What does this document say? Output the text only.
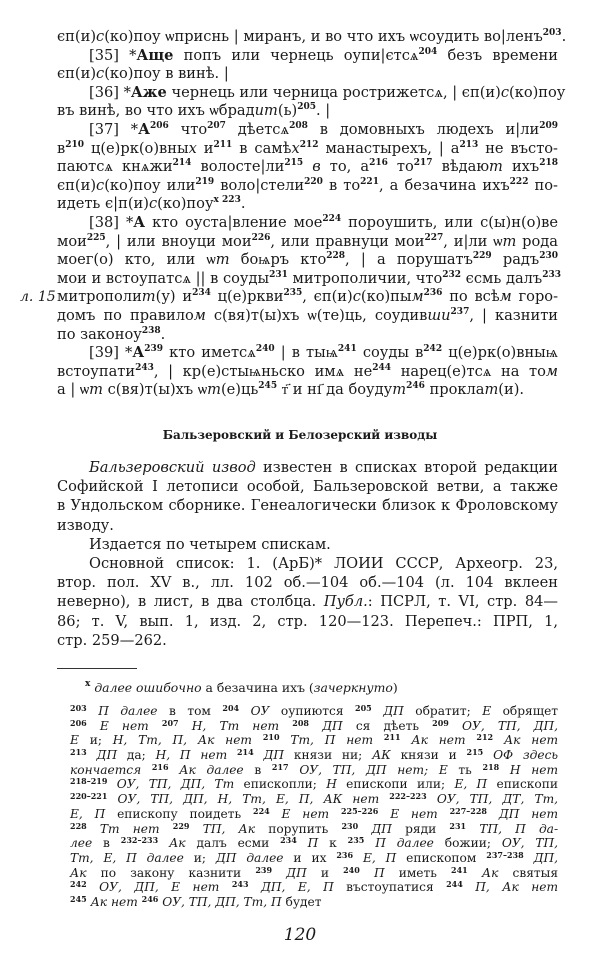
єп(и)с(ко)поу ѡприснь | миранъ, и во что ихъ ѡсоудить во|ленъ$^{203}$.
[35] *Аще попъ или чернець оупи|єтсѧ$^{204}$ безъ времени
єп(и)с(ко)поу в винѣ. |
[36] *Аже чернець или черница рострижетсѧ, | єп(и)с(ко)поу
въ винѣ, во что ихъ $ѡбрадит(ь)^{205}$. |
[37] $*А^{206}$ что$^{207}$ дѣетсѧ$^{208}$ в домовныхъ людехъ $и|ли^{209}$
$в^{210}$ ц(е)рк(о)вных $и^{211}$ в самѣх$^{212}$ манастырехъ, | $а^{213}$ не въсто-
паютсѧ кнѧжи$^{214}$ $волосте|ли^{215}$ в то, $а^{216}$ $то^{217}$ вѣдают ихъ$^{218}$
єп(и)с(ко)поу или$^{219}$ воло|стели$^{220}$ в $то^{221}$, а безачина ихъ$^{222}$ по-
идеть є|п(и)с(ко)поу$^{х 223}$.
[38] *А кто оуста|вление мое$^{224}$ пороушить, или с(ы)н(о)ве
мои$^{225}$, | или вноуци мои$^{226}$, или правнуци мои$^{227}$, и|ли ѡт рода
моег(о) кто, или ѡт боѩръ кто$^{228}$, | а порушатъ$^{229}$ радъ$^{230}$
мои и встоупатсѧ || в соуды$^{231}$ митрополичии, что$^{232}$ єсмь далъ$^{233}$
митрополит(у) $и^{234}$ ц(е)ркви$^{235}$, єп(и)с(ко)пым$^{236}$ по всѣм горо-
домъ по правилом с(вя)т(ы)хъ ѡ(те)ць, соудивши$^{237}$, | казнити
по законоу$^{238}$.
[39] $*А^{239}$ кто иметсѧ$^{240}$ | в тыѩ$^{241}$ соуды $в^{242}$ ц(е)рк(о)вныѩ
встоупати$^{243}$, | кр(е)стыѩньско имѧ $не^{244}$ нарец(е)тсѧ на том
а | ѡт с(вя)т(ы)хъ $ѡт(е)ць^{245}$ т҃ и нı҃ да боудут$^{246}$ проклат(и).
л. 15
Бальзеровский и Белозерский изводы
Бальзеровский извод известен в списках второй редакции
Софийской I летописи особой, Бальзеровской ветви, а также
в Ундольском сборнике. Генеалогически близок к Фроловскому
изводу.
Издается по четырем спискам.
Основной список: 1. (АрБ)* ЛОИИ СССР, Археогр. 23,
втор. пол. XV в., лл. 102 об.—104 об.—104 (л. 104 вклеен
неверно), в лист, в два столбца. Публ.: ПСРЛ, т. VI, стр. 84—
86; т. V, вып. 1, изд. 2, стр. 120—123. Перепеч.: ПРП, 1,
стр. 259—262.
$^х$ далее ошибочно а безачина ихъ (зачеркнуто)
$^{203}$ П далее в том $^{204}$ ОУ оупиются $^{205}$ ДП обратит; Е обрящет
$^{206}$ Е нет $^{207}$ Н, Тт нет $^{208}$ ДП ся дѣеть $^{209}$ ОУ, ТП, ДП,
Е и; Н, Тт, П, Ак нет $^{210}$ Тт, П нет $^{211}$ Ак нет $^{212}$ Ак нет
$^{213}$ ДП да; Н, П нет $^{214}$ ДП князи ни; АК князи и $^{215}$ ОФ здесь
кончается $^{216}$ Ак далее в $^{217}$ ОУ, ТП, ДП нет; Е ть $^{218}$ Н нет
$^{218-219}$ ОУ, ТП, ДП, Тт епископли; Н епископи или; Е, П епископи
$^{220-221}$ ОУ, ТП, ДП, Н, Тт, Е, П, АК нет $^{222-223}$ ОУ, ТП, ДТ, Тт,
Е, П епископу поидеть $^{224}$ Е нет $^{225-226}$ Е нет $^{227-228}$ ДП нет
$^{228}$ Тт нет $^{229}$ ТП, Ак порупить $^{230}$ ДП ряди $^{231}$ ТП, П да-
лее в $^{232-233}$ Ак далъ есми $^{234}$ П к $^{235}$ П далее божии; ОУ, ТП,
Тт, Е, П далее и; ДП далее и их $^{236}$ Е, П епископом $^{237-238}$ ДП,
Ак по закону казнити $^{239}$ ДП и $^{240}$ П иметь $^{241}$ Ак святыя
$^{242}$ ОУ, ДП, Е нет $^{243}$ ДП, Е, П въстоупатися $^{244}$ П, Ак нет
$^{245}$ Ак нет $^{246}$ ОУ, ТП, ДП, Тт, П будет
120
